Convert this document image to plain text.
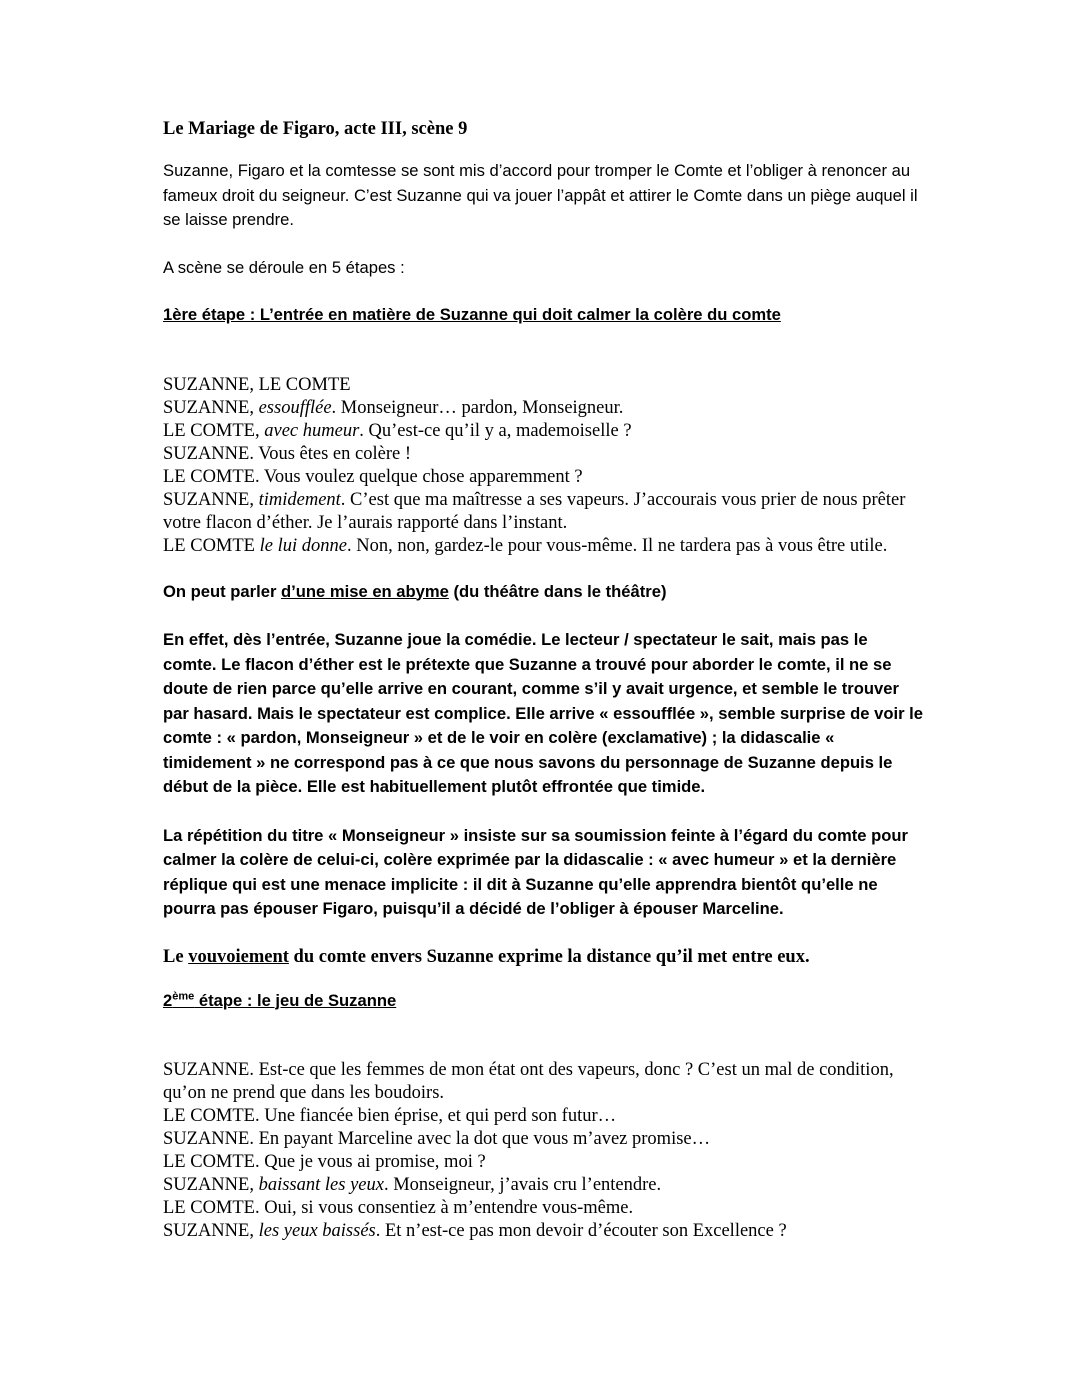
Le Mariage de Figaro, acte III, scène 9

Suzanne, Figaro et la comtesse se sont mis d’accord pour tromper le Comte et l’obliger à renoncer au fameux droit du seigneur. C’est Suzanne qui va jouer l’appât et attirer le Comte dans un piège auquel il se laisse prendre.

A scène se déroule en 5 étapes :

1ère étape : L’entrée en matière de Suzanne qui doit calmer la colère du comte

SUZANNE, LE COMTE
SUZANNE, essoufflée. Monseigneur… pardon, Monseigneur.
LE COMTE, avec humeur. Qu’est-ce qu’il y a, mademoiselle ?
SUZANNE. Vous êtes en colère !
LE COMTE. Vous voulez quelque chose apparemment ?
SUZANNE, timidement. C’est que ma maîtresse a ses vapeurs. J’accourais vous prier de nous prêter votre flacon d’éther. Je l’aurais rapporté dans l’instant.
LE COMTE le lui donne. Non, non, gardez-le pour vous-même. Il ne tardera pas à vous être utile.

On peut parler d’une mise en abyme (du théâtre dans le théâtre)

En effet, dès l’entrée, Suzanne joue la comédie. Le lecteur / spectateur le sait, mais pas le comte. Le flacon d’éther est le prétexte que Suzanne a trouvé pour aborder le comte, il ne se doute de rien parce qu’elle arrive en courant, comme s’il y avait urgence, et semble le trouver par hasard. Mais le spectateur est complice. Elle arrive « essoufflée », semble surprise de voir le comte : « pardon, Monseigneur » et de le voir en colère (exclamative) ; la didascalie « timidement » ne correspond pas à ce que nous savons du personnage de Suzanne depuis le début de la pièce. Elle est habituellement plutôt effrontée que timide.

La répétition du titre « Monseigneur » insiste sur sa soumission feinte à l’égard du comte pour calmer la colère de celui-ci, colère exprimée par la didascalie : « avec humeur » et la dernière réplique qui est une menace implicite : il dit à Suzanne qu’elle apprendra bientôt qu’elle ne pourra pas épouser Figaro, puisqu’il a décidé de l’obliger à épouser Marceline.

Le vouvoiement du comte envers Suzanne exprime la distance qu’il met entre eux.

2ème étape : le jeu de Suzanne

SUZANNE. Est-ce que les femmes de mon état ont des vapeurs, donc ? C’est un mal de condition, qu’on ne prend que dans les boudoirs.
LE COMTE. Une fiancée bien éprise, et qui perd son futur…
SUZANNE. En payant Marceline avec la dot que vous m’avez promise…
LE COMTE. Que je vous ai promise, moi ?
SUZANNE, baissant les yeux. Monseigneur, j’avais cru l’entendre.
LE COMTE. Oui, si vous consentiez à m’entendre vous-même.
SUZANNE, les yeux baissés. Et n’est-ce pas mon devoir d’écouter son Excellence ?
